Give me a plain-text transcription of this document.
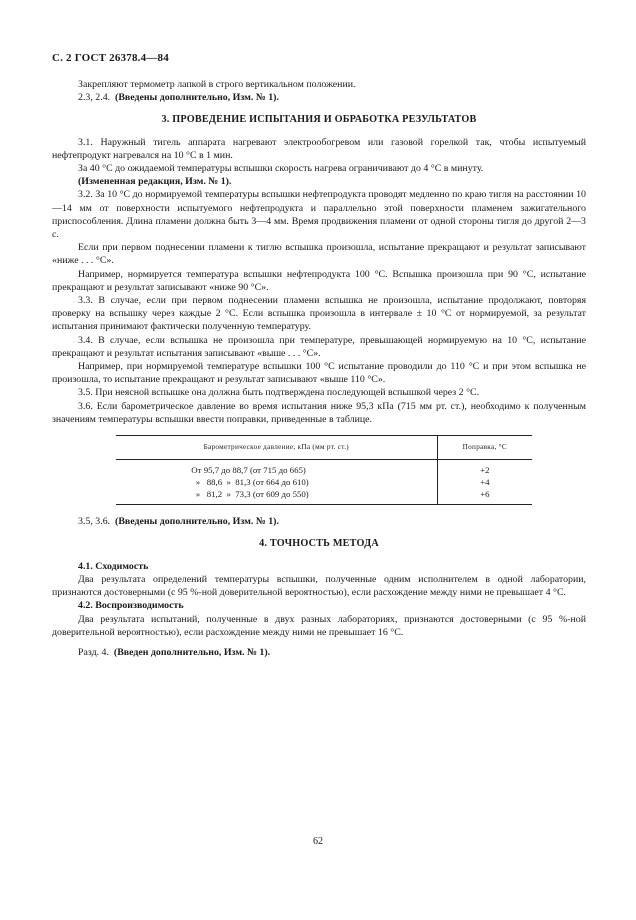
С. 2 ГОСТ 26378.4—84

Закрепляют термометр лапкой в строго вертикальном положении.

2.3, 2.4. (Введены дополнительно, Изм. № 1).

3. ПРОВЕДЕНИЕ ИСПЫТАНИЯ И ОБРАБОТКА РЕЗУЛЬТАТОВ

3.1. Наружный тигель аппарата нагревают электрообогревом или газовой горелкой так, чтобы испытуемый нефтепродукт нагревался на 10 °С в 1 мин.

За 40 °С до ожидаемой температуры вспышки скорость нагрева ограничивают до 4 °С в минуту.

(Измененная редакция, Изм. № 1).

3.2. За 10 °С до нормируемой температуры вспышки нефтепродукта проводят медленно по краю тигля на расстоянии 10—14 мм от поверхности испытуемого нефтепродукта и параллельно этой поверхности пламенем зажигательного приспособления. Длина пламени должна быть 3—4 мм. Время продвижения пламени от одной стороны тигля до другой 2—3 с.

Если при первом поднесении пламени к тиглю вспышка произошла, испытание прекращают и результат записывают «ниже . . . °С».

Например, нормируется температура вспышки нефтепродукта 100 °С. Вспышка произошла при 90 °С, испытание прекращают и результат записывают «ниже 90 °С».

3.3. В случае, если при первом поднесении пламени вспышка не произошла, испытание продолжают, повторяя проверку на вспышку через каждые 2 °С. Если вспышка произошла в интервале ± 10 °С от нормируемой, за результат испытания принимают фактически полученную температуру.

3.4. В случае, если вспышка не произошла при температуре, превышающей нормируемую на 10 °С, испытание прекращают и результат испытания записывают «выше . . . °С».

Например, при нормируемой температуре вспышки 100 °С испытание проводили до 110 °С и при этом вспышка не произошла, то испытание прекращают и результат записывают «выше 110 °С».

3.5. При неясной вспышке она должна быть подтверждена последующей вспышкой через 2 °С.

3.6. Если барометрическое давление во время испытания ниже 95,3 кПа (715 мм рт. ст.), необходимо к полученным значениям температуры вспышки ввести поправки, приведенные в таблице.

Барометрическое давление, кПа (мм рт. ст.)	Поправка, °С
От 95,7 до 88,7 (от 715 до 665)	+2
»   88,6  »  81,3 (от 664 до 610)	+4
»   81,2  »  73,3 (от 609 до 550)	+6

3.5, 3.6. (Введены дополнительно, Изм. № 1).

4. ТОЧНОСТЬ МЕТОДА

4.1. Сходимость

Два результата определений температуры вспышки, полученные одним исполнителем в одной лаборатории, признаются достоверными (с 95 %-ной доверительной вероятностью), если расхождение между ними не превышает 4 °С.

4.2. Воспроизводимость

Два результата испытаний, полученные в двух разных лабораториях, признаются достоверными (с 95 %-ной доверительной вероятностью), если расхождение между ними не превышает 16 °С.

Разд. 4. (Введен дополнительно, Изм. № 1).

62
